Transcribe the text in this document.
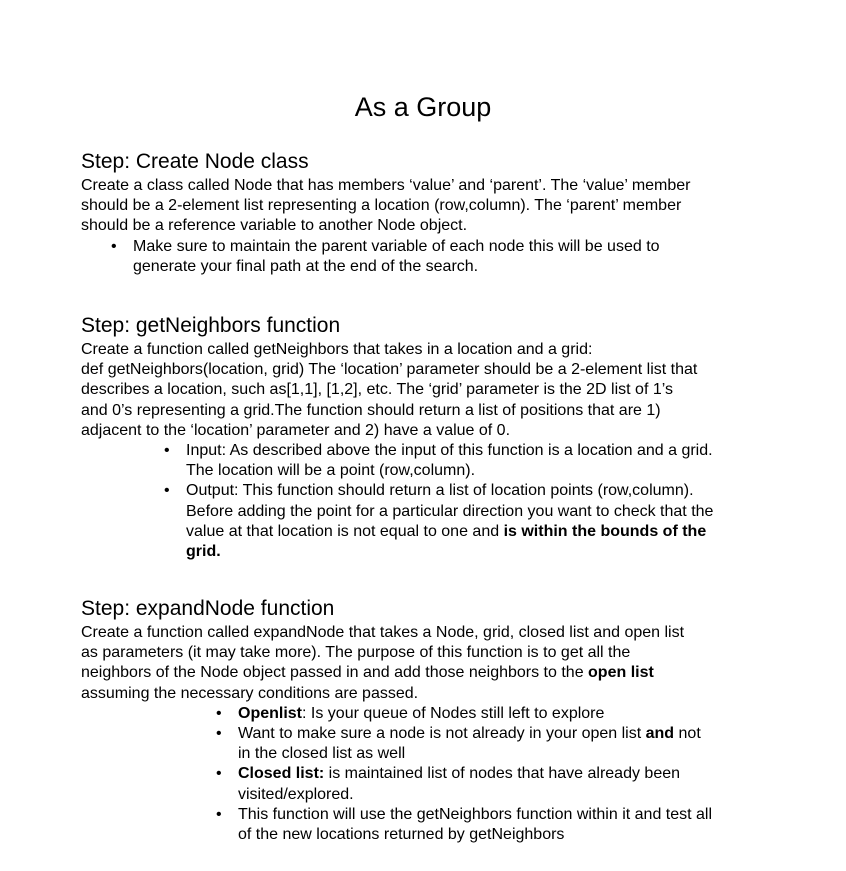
As a Group
Step: Create Node class

Create a class called Node that has members ‘value’ and ‘parent’. The ‘value’ member
should be a 2-element list representing a location (row,column). The ‘parent’ member
should be a reference variable to another Node object.

• Make sure to maintain the parent variable of each node this will be used to
generate your final path at the end of the search.
Step: getNeighbors function

Create a function called getNeighbors that takes in a location and a grid:
def getNeighbors(location, grid) The ‘location’ parameter should be a 2-element list that
describes a location, such as[1,1], [1,2], etc. The ‘grid’ parameter is the 2D list of 1’s
and 0’s representing a grid.The function should return a list of positions that are 1)
adjacent to the ‘location’ parameter and 2) have a value of 0.

• Input: As described above the input of this function is a location and a grid.
The location will be a point (row,column).
• Output: This function should return a list of location points (row,column).
Before adding the point for a particular direction you want to check that the
value at that location is not equal to one and is within the bounds of the
grid.
Step: expandNode function

Create a function called expandNode that takes a Node, grid, closed list and open list
as parameters (it may take more). The purpose of this function is to get all the
neighbors of the Node object passed in and add those neighbors to the open list
assuming the necessary conditions are passed.

• Openlist: Is your queue of Nodes still left to explore
• Want to make sure a node is not already in your open list and not
in the closed list as well
• Closed list: is maintained list of nodes that have already been
visited/explored.
• This function will use the getNeighbors function within it and test all
of the new locations returned by getNeighbors
